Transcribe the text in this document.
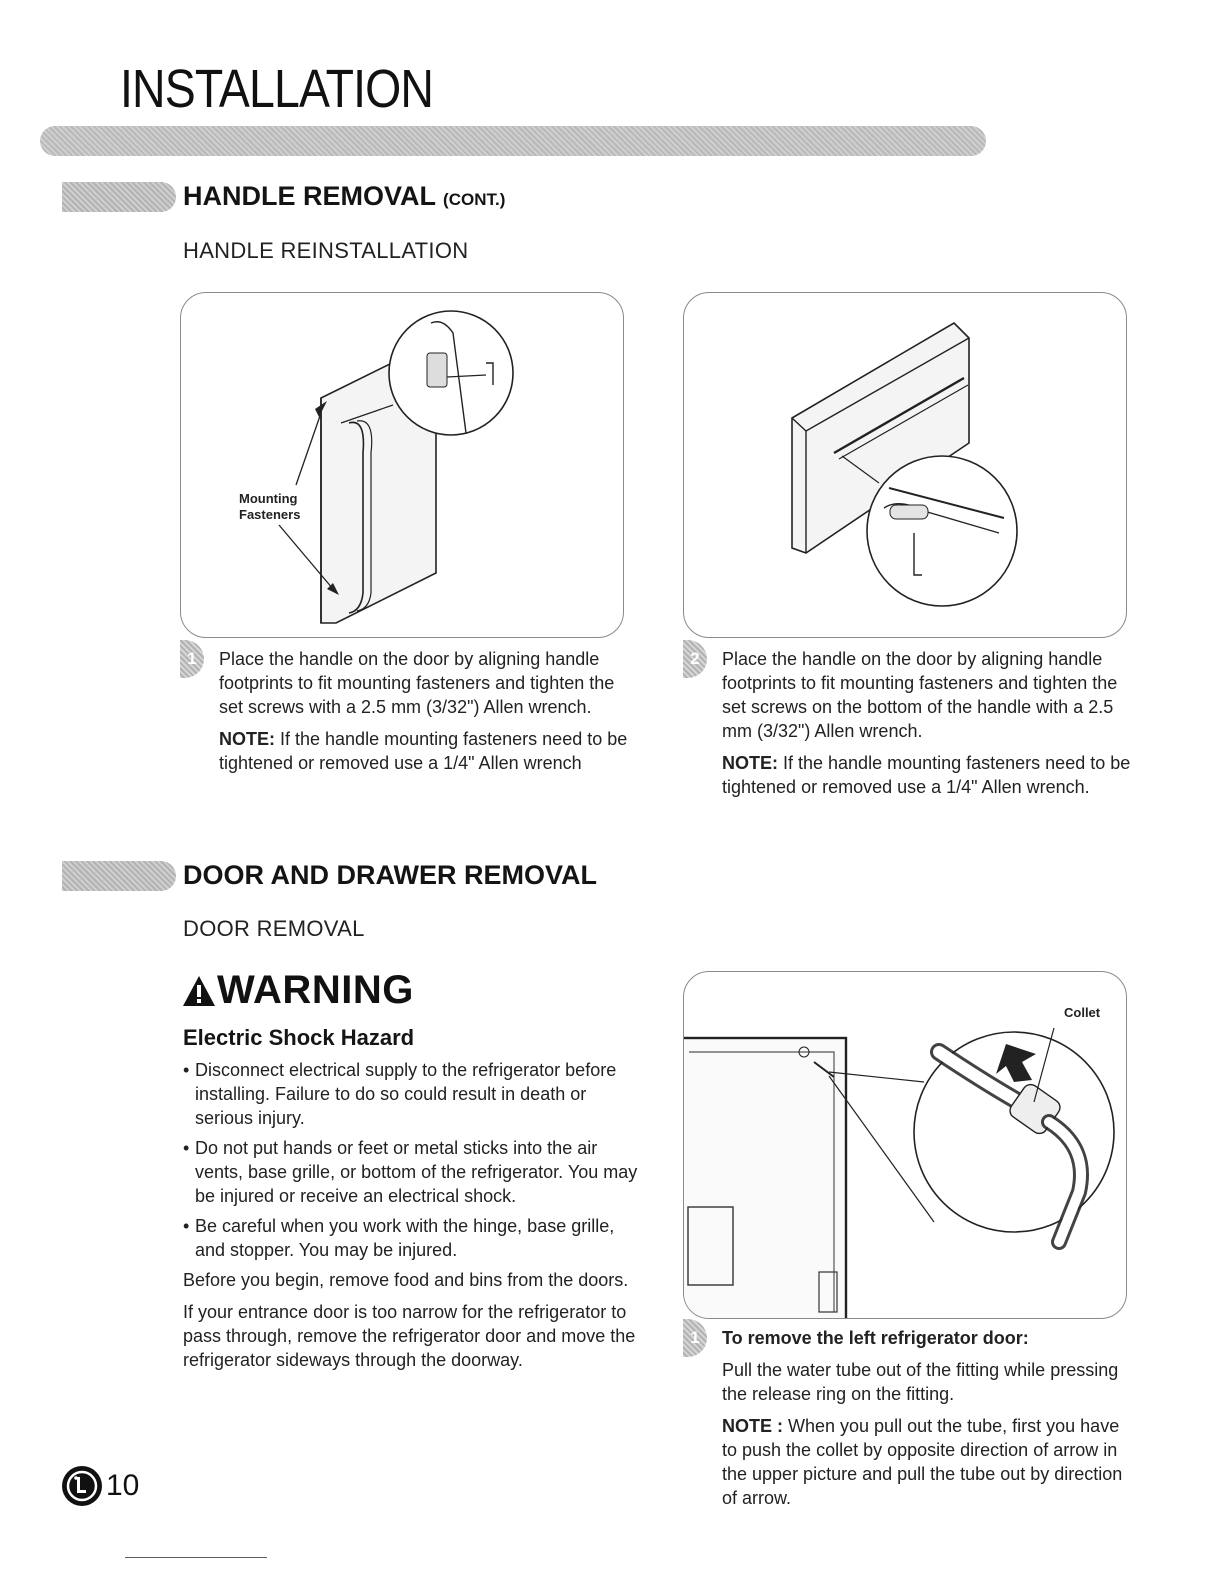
INSTALLATION
HANDLE REMOVAL (CONT.)
HANDLE REINSTALLATION
Mounting
Fasteners
1	Place the handle on the door by aligning handle footprints to fit mounting fasteners and tighten the set screws with a 2.5 mm (3/32") Allen wrench.

NOTE: If the handle mounting fasteners need to be tightened or removed use a 1/4" Allen wrench

2	Place the handle on the door by aligning handle footprints to fit mounting fasteners and tighten the set screws on the bottom of the handle with a 2.5 mm (3/32") Allen wrench.

NOTE: If the handle mounting fasteners need to be tightened or removed use a 1/4" Allen wrench.

DOOR AND DRAWER REMOVAL
DOOR REMOVAL
WARNING
Electric Shock Hazard
• Disconnect electrical supply to the refrigerator before installing. Failure to do so could result in death or serious injury.
• Do not put hands or feet or metal sticks into the air vents, base grille, or bottom of the refrigerator. You may be injured or receive an electrical shock.
• Be careful when you work with the hinge, base grille, and stopper. You may be injured.

Before you begin, remove food and bins from the doors.

If your entrance door is too narrow for the refrigerator to pass through, remove the refrigerator door and move the refrigerator sideways through the doorway.

Collet
1	To remove the left refrigerator door:

Pull the water tube out of the fitting while pressing the release ring on the fitting.

NOTE : When you pull out the tube, first you have to push the collet by opposite direction of arrow in the upper picture and pull the tube out by direction of arrow.

10
